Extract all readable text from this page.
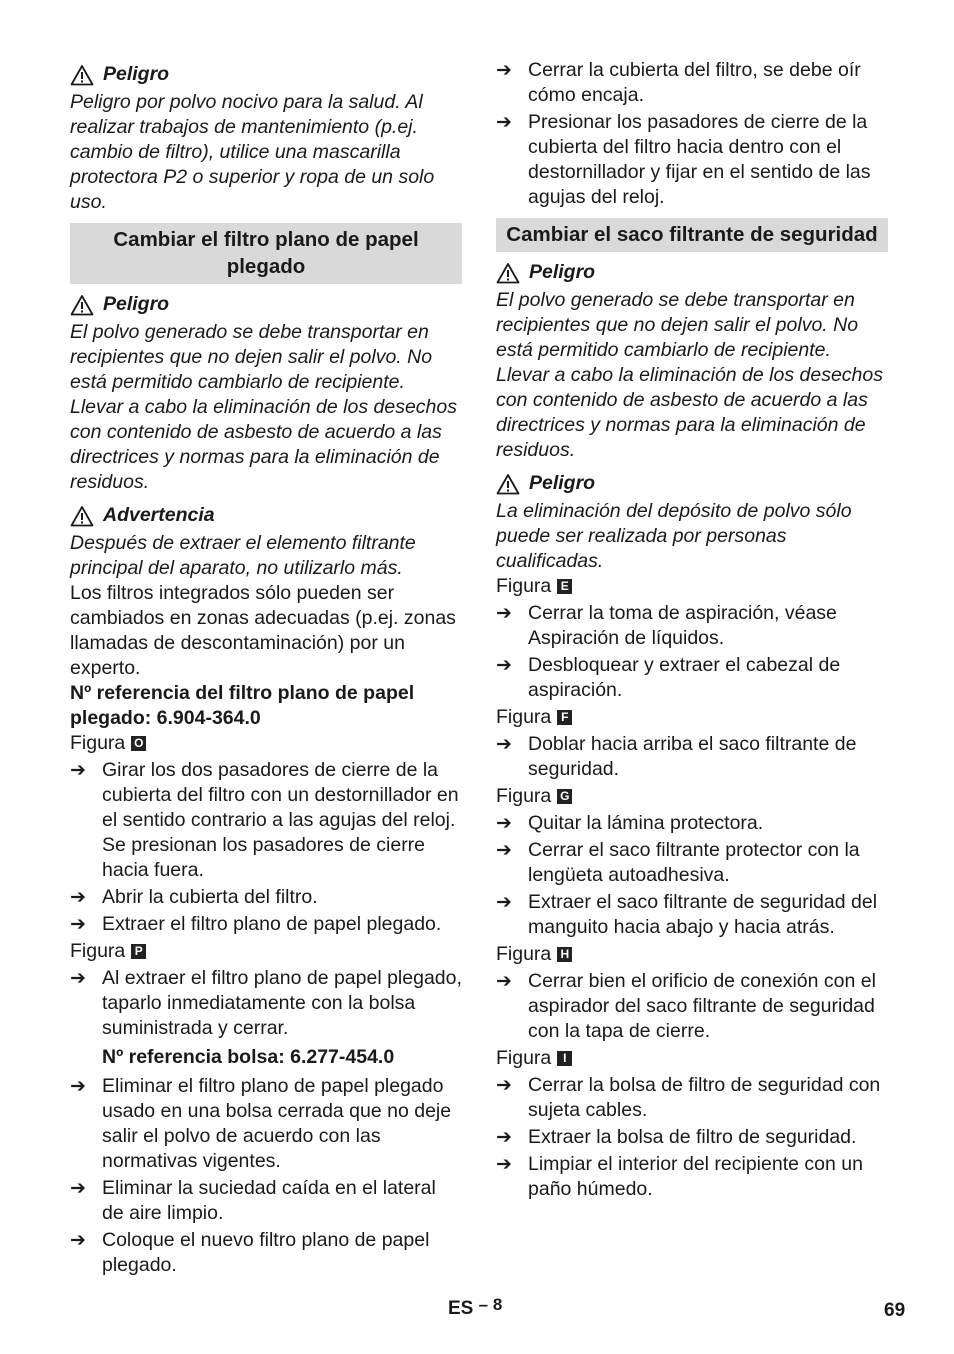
Peligro
Peligro por polvo nocivo para la salud. Al realizar trabajos de mantenimiento (p.ej. cambio de filtro), utilice una mascarilla protectora P2 o superior y ropa de un solo uso.
Cambiar el filtro plano de papel plegado
Peligro
El polvo generado se debe transportar en recipientes que no dejen salir el polvo. No está permitido cambiarlo de recipiente. Llevar a cabo la eliminación de los desechos con contenido de asbesto de acuerdo a las directrices y normas para la eliminación de residuos.
Advertencia
Después de extraer el elemento filtrante principal del aparato, no utilizarlo más.
Los filtros integrados sólo pueden ser cambiados en zonas adecuadas (p.ej. zonas llamadas de descontaminación) por un experto.
Nº referencia del filtro plano de papel plegado: 6.904-364.0
Figura O
➔ Girar los dos pasadores de cierre de la cubierta del filtro con un destornillador en el sentido contrario a las agujas del reloj. Se presionan los pasadores de cierre hacia fuera.
➔ Abrir la cubierta del filtro.
➔ Extraer el filtro plano de papel plegado.
Figura P
➔ Al extraer el filtro plano de papel plegado, taparlo inmediatamente con la bolsa suministrada y cerrar.
Nº referencia bolsa: 6.277-454.0
➔ Eliminar el filtro plano de papel plegado usado en una bolsa cerrada que no deje salir el polvo de acuerdo con las normativas vigentes.
➔ Eliminar la suciedad caída en el lateral de aire limpio.
➔ Coloque el nuevo filtro plano de papel plegado.
➔ Cerrar la cubierta del filtro, se debe oír cómo encaja.
➔ Presionar los pasadores de cierre de la cubierta del filtro hacia dentro con el destornillador y fijar en el sentido de las agujas del reloj.
Cambiar el saco filtrante de seguridad
Peligro
El polvo generado se debe transportar en recipientes que no dejen salir el polvo. No está permitido cambiarlo de recipiente. Llevar a cabo la eliminación de los desechos con contenido de asbesto de acuerdo a las directrices y normas para la eliminación de residuos.
Peligro
La eliminación del depósito de polvo sólo puede ser realizada por personas cualificadas.
Figura E
➔ Cerrar la toma de aspiración, véase Aspiración de líquidos.
➔ Desbloquear y extraer el cabezal de aspiración.
Figura F
➔ Doblar hacia arriba el saco filtrante de seguridad.
Figura G
➔ Quitar la lámina protectora.
➔ Cerrar el saco filtrante protector con la lengüeta autoadhesiva.
➔ Extraer el saco filtrante de seguridad del manguito hacia abajo y hacia atrás.
Figura H
➔ Cerrar bien el orificio de conexión con el aspirador del saco filtrante de seguridad con la tapa de cierre.
Figura I
➔ Cerrar la bolsa de filtro de seguridad con sujeta cables.
➔ Extraer la bolsa de filtro de seguridad.
➔ Limpiar el interior del recipiente con un paño húmedo.
ES – 8	69
